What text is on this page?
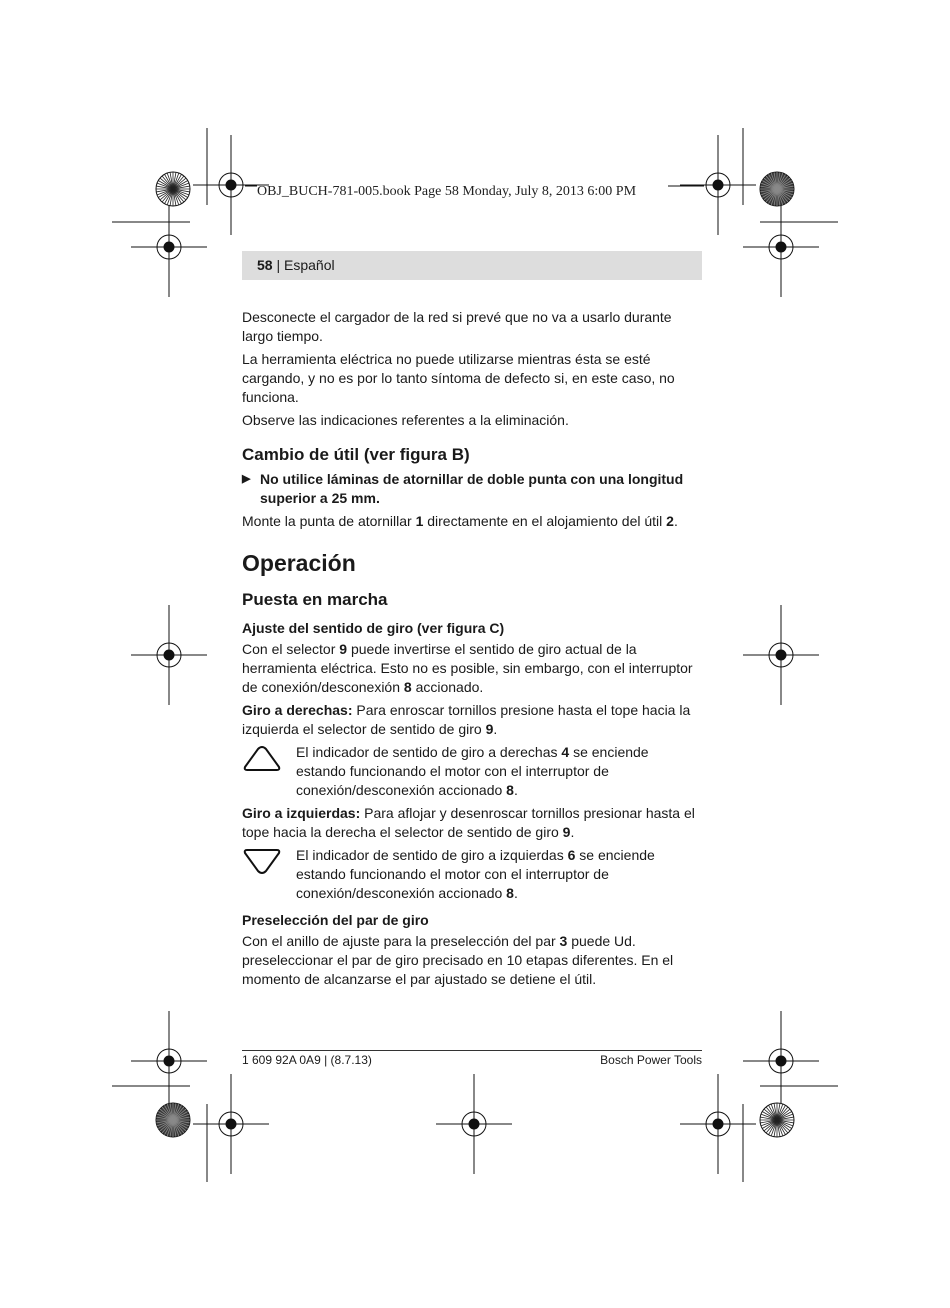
OBJ_BUCH-781-005.book Page 58 Monday, July 8, 2013 6:00 PM
58 | Español

Desconecte el cargador de la red si prevé que no va a usarlo durante largo tiempo.

La herramienta eléctrica no puede utilizarse mientras ésta se esté cargando, y no es por lo tanto síntoma de defecto si, en este caso, no funciona.

Observe las indicaciones referentes a la eliminación.

Cambio de útil (ver figura B)
▶ No utilice láminas de atornillar de doble punta con una longitud superior a 25 mm.

Monte la punta de atornillar 1 directamente en el alojamiento del útil 2.

Operación
Puesta en marcha
Ajuste del sentido de giro (ver figura C)

Con el selector 9 puede invertirse el sentido de giro actual de la herramienta eléctrica. Esto no es posible, sin embargo, con el interruptor de conexión/desconexión 8 accionado.

Giro a derechas: Para enroscar tornillos presione hasta el tope hacia la izquierda el selector de sentido de giro 9.

El indicador de sentido de giro a derechas 4 se enciende estando funcionando el motor con el interruptor de conexión/desconexión accionado 8.

Giro a izquierdas: Para aflojar y desenroscar tornillos presionar hasta el tope hacia la derecha el selector de sentido de giro 9.

El indicador de sentido de giro a izquierdas 6 se enciende estando funcionando el motor con el interruptor de conexión/desconexión accionado 8.
Preselección del par de giro

Con el anillo de ajuste para la preselección del par 3 puede Ud. preseleccionar el par de giro precisado en 10 etapas diferentes. En el momento de alcanzarse el par ajustado se detiene el útil.

1 609 92A 0A9 | (8.7.13)	Bosch Power Tools
